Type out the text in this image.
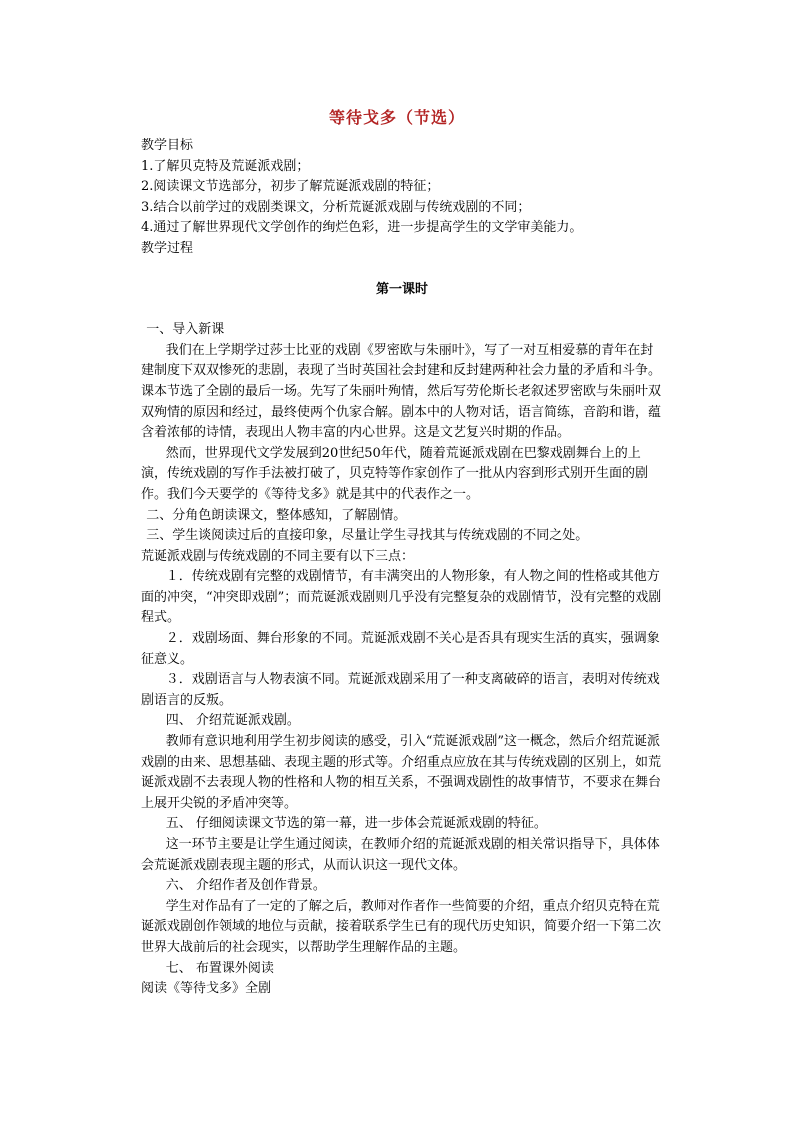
等待戈多（节选）

教学目标

1.了解贝克特及荒诞派戏剧；

2.阅读课文节选部分，初步了解荒诞派戏剧的特征；

3.结合以前学过的戏剧类课文，分析荒诞派戏剧与传统戏剧的不同；

4.通过了解世界现代文学创作的绚烂色彩，进一步提高学生的文学审美能力。

教学过程

第一课时

一、导入新课

我们在上学期学过莎士比亚的戏剧《罗密欧与朱丽叶》，写了一对互相爱慕的青年在封建制度下双双惨死的悲剧，表现了当时英国社会封建和反封建两种社会力量的矛盾和斗争。课本节选了全剧的最后一场。先写了朱丽叶殉情，然后写劳伦斯长老叙述罗密欧与朱丽叶双双殉情的原因和经过，最终使两个仇家合解。剧本中的人物对话，语言简练，音韵和谐，蕴含着浓郁的诗情，表现出人物丰富的内心世界。这是文艺复兴时期的作品。

然而，世界现代文学发展到20世纪50年代，随着荒诞派戏剧在巴黎戏剧舞台上的上演，传统戏剧的写作手法被打破了，贝克特等作家创作了一批从内容到形式别开生面的剧作。我们今天要学的《等待戈多》就是其中的代表作之一。

二、分角色朗读课文，整体感知，了解剧情。

三、学生谈阅读过后的直接印象，尽量让学生寻找其与传统戏剧的不同之处。

荒诞派戏剧与传统戏剧的不同主要有以下三点：

１．传统戏剧有完整的戏剧情节，有丰满突出的人物形象，有人物之间的性格或其他方面的冲突，“冲突即戏剧”；而荒诞派戏剧则几乎没有完整复杂的戏剧情节，没有完整的戏剧程式。

２．戏剧场面、舞台形象的不同。荒诞派戏剧不关心是否具有现实生活的真实，强调象征意义。

３．戏剧语言与人物表演不同。荒诞派戏剧采用了一种支离破碎的语言，表明对传统戏剧语言的反叛。

四、 介绍荒诞派戏剧。

教师有意识地利用学生初步阅读的感受，引入“荒诞派戏剧”这一概念，然后介绍荒诞派戏剧的由来、思想基础、表现主题的形式等。介绍重点应放在其与传统戏剧的区别上，如荒诞派戏剧不去表现人物的性格和人物的相互关系，不强调戏剧性的故事情节，不要求在舞台上展开尖锐的矛盾冲突等。

五、 仔细阅读课文节选的第一幕，进一步体会荒诞派戏剧的特征。

这一环节主要是让学生通过阅读，在教师介绍的荒诞派戏剧的相关常识指导下，具体体会荒诞派戏剧表现主题的形式，从而认识这一现代文体。

六、 介绍作者及创作背景。

学生对作品有了一定的了解之后，教师对作者作一些简要的介绍，重点介绍贝克特在荒诞派戏剧创作领域的地位与贡献，接着联系学生已有的现代历史知识，简要介绍一下第二次世界大战前后的社会现实，以帮助学生理解作品的主题。

七、 布置课外阅读

阅读《等待戈多》全剧
